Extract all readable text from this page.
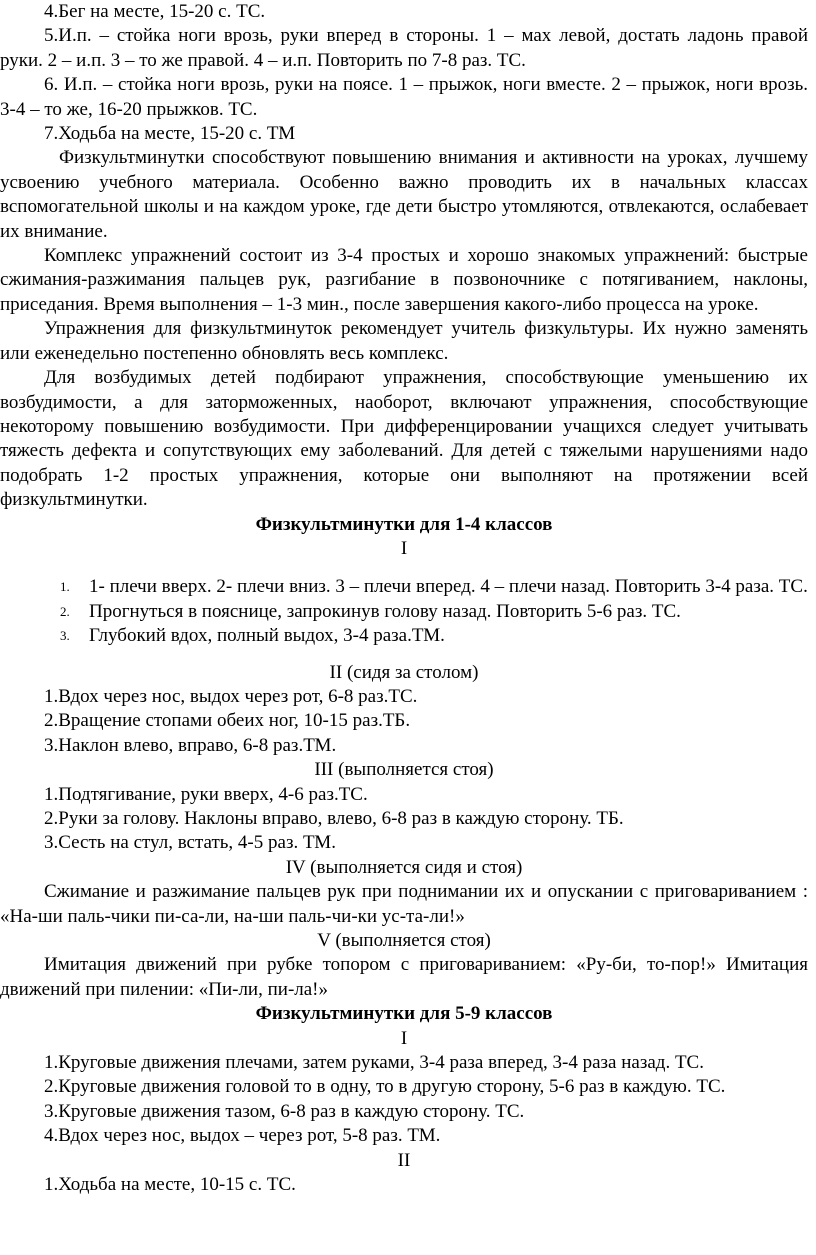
4.Бег на месте, 15-20 с. ТС.

5.И.п. – стойка ноги врозь, руки вперед в стороны. 1 – мах левой, достать ладонь правой руки. 2 – и.п. 3 – то же правой. 4 – и.п. Повторить по 7-8 раз. ТС.

6. И.п. – стойка ноги врозь, руки на поясе. 1 – прыжок, ноги вместе. 2 – прыжок, ноги врозь. 3-4 – то же, 16-20 прыжков. ТС.

7.Ходьба на месте, 15-20 с. ТМ

Физкультминутки способствуют повышению внимания и активности на уроках, лучшему усвоению учебного материала. Особенно важно проводить их в начальных классах вспомогательной школы и на каждом уроке, где дети быстро утомляются, отвлекаются, ослабевает их внимание.

Комплекс упражнений состоит из 3-4 простых и хорошо знакомых упражнений: быстрые сжимания-разжимания пальцев рук, разгибание в позвоночнике с потягиванием, наклоны, приседания. Время выполнения – 1-3 мин., после завершения какого-либо процесса на уроке.

Упражнения для физкультминуток рекомендует учитель физкультуры. Их нужно заменять или еженедельно постепенно обновлять весь комплекс.

Для возбудимых детей подбирают упражнения, способствующие уменьшению их возбудимости, а для заторможенных, наоборот, включают упражнения, способствующие некоторому повышению возбудимости. При дифференцировании учащихся следует учитывать тяжесть дефекта и сопутствующих ему заболеваний. Для детей с тяжелыми нарушениями надо подобрать 1-2 простых упражнения, которые они выполняют на протяжении всей физкультминутки.

Физкультминутки для 1-4 классов

I

1. 1- плечи вверх. 2- плечи вниз. 3 – плечи вперед. 4 – плечи назад. Повторить 3-4 раза. ТС.
2. Прогнуться в пояснице, запрокинув голову назад. Повторить 5-6 раз. ТС.
3. Глубокий вдох, полный выдох, 3-4 раза.ТМ.

II (сидя за столом)

1.Вдох через нос, выдох через рот, 6-8 раз.ТС.

2.Вращение стопами обеих ног, 10-15 раз.ТБ.

3.Наклон влево, вправо, 6-8 раз.ТМ.

III (выполняется стоя)

1.Подтягивание, руки вверх, 4-6 раз.ТС.

2.Руки за голову. Наклоны вправо, влево, 6-8 раз в каждую сторону. ТБ.

3.Сесть на стул, встать, 4-5 раз. ТМ.

IV (выполняется сидя и стоя)

Сжимание и разжимание пальцев рук при поднимании их и опускании с приговариванием : «На-ши паль-чики пи-са-ли, на-ши паль-чи-ки ус-та-ли!»

V (выполняется стоя)

Имитация движений при рубке топором с приговариванием: «Ру-би, то-пор!» Имитация движений при пилении: «Пи-ли, пи-ла!»

Физкультминутки для 5-9 классов

I

1.Круговые движения плечами, затем руками, 3-4 раза вперед, 3-4 раза назад. ТС.

2.Круговые движения головой то в одну, то в другую сторону, 5-6 раз в каждую. ТС.

3.Круговые движения тазом, 6-8 раз в каждую сторону. ТС.

4.Вдох через нос, выдох – через рот, 5-8 раз. ТМ.

II

1.Ходьба на месте, 10-15 с. ТС.
